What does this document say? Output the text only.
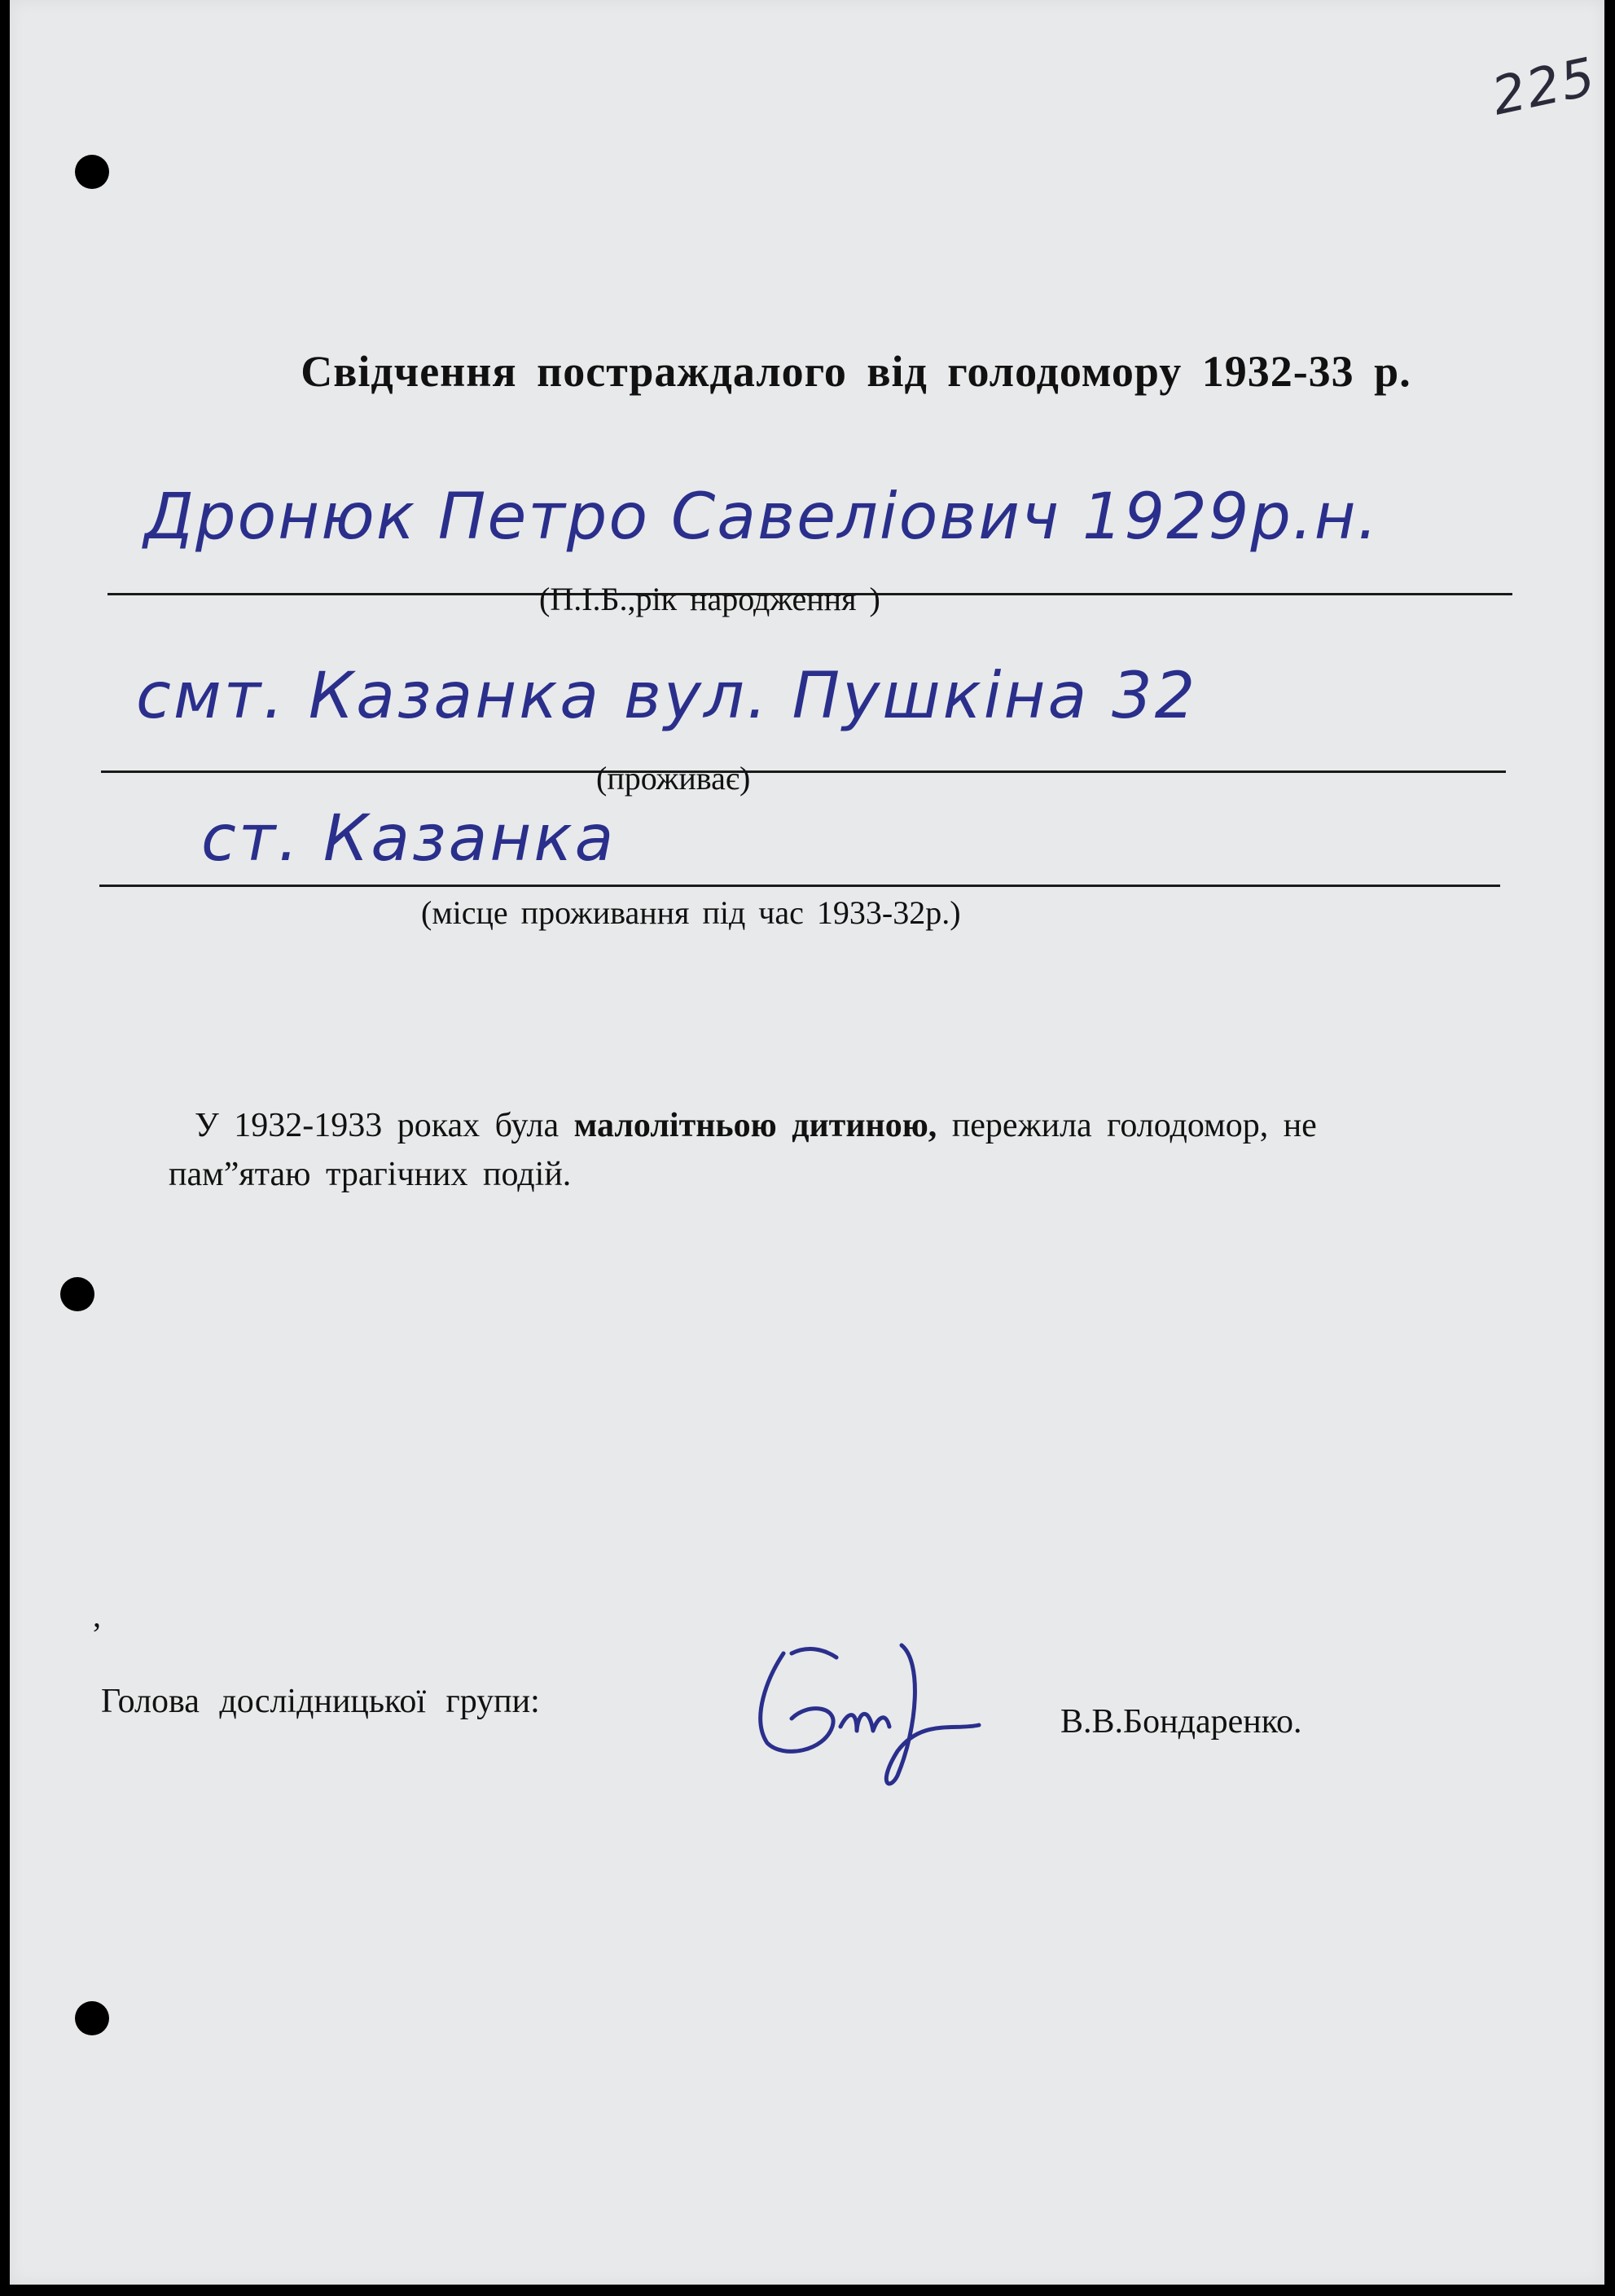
225
Свідчення постраждалого від голодомору 1932-33 р.
Дронюк Петро Савеліович 1929р.н.
(П.І.Б.,рік народження )
смт. Казанка вул. Пушкіна 32
(проживає)
ст. Казанка
(місце проживання під час 1933-32р.)
У 1932-1933 роках була малолітньою дитиною, пережила голодомор, не пам”ятаю трагічних подій.
,
Голова дослідницької групи:
В.В.Бондаренко.
